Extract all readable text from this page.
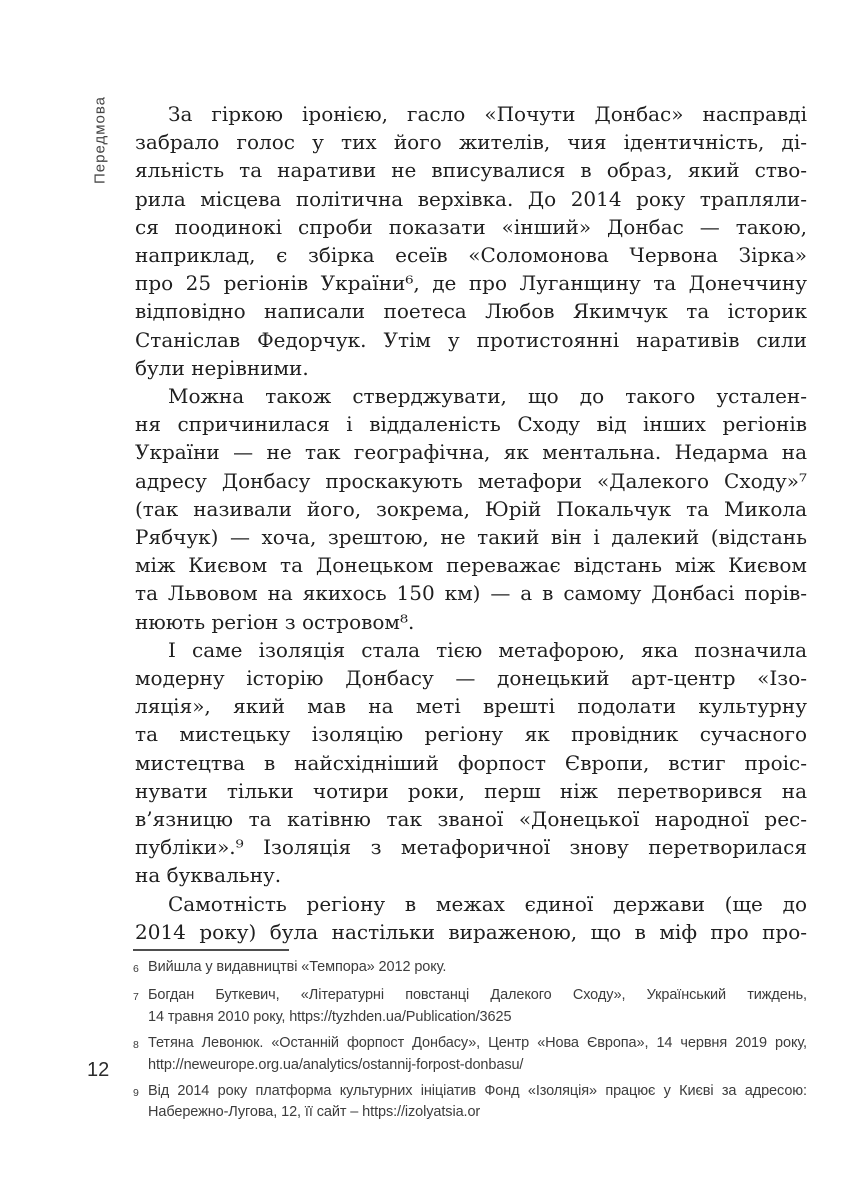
Передмова	За гіркою іронією, гасло «Почути Донбас» насправді
забрало голос у тих його жителів, чия ідентичність, ді-
яльність та наративи не вписувалися в образ, який ство-
рила місцева політична верхівка. До 2014 року трапляли-
ся поодинокі спроби показати «інший» Донбас — такою,
наприклад, є збірка есеїв «Соломонова Червона Зірка»
про 25 регіонів України⁶, де про Луганщину та Донеччину
відповідно написали поетеса Любов Якимчук та історик
Станіслав Федорчук. Утім у протистоянні наративів сили
були нерівними.
Можна також стверджувати, що до такого устален-
ня спричинилася і віддаленість Сходу від інших регіонів
України — не так географічна, як ментальна. Недарма на
адресу Донбасу проскакують метафори «Далекого Сходу»⁷
(так називали його, зокрема, Юрій Покальчук та Микола
Рябчук) — хоча, зрештою, не такий він і далекий (відстань
між Києвом та Донецьком переважає відстань між Києвом
та Львовом на якихось 150 км) — а в самому Донбасі порів-
нюють регіон з островом⁸.
І саме ізоляція стала тією метафорою, яка позначила
модерну історію Донбасу — донецький арт-центр «Ізо-
ляція», який мав на меті врешті подолати культурну
та мистецьку ізоляцію регіону як провідник сучасного
мистецтва в найсхідніший форпост Європи, встиг проіс-
нувати тільки чотири роки, перш ніж перетворився на
в’язницю та катівню так званої «Донецької народної рес-
публіки».⁹ Ізоляція з метафоричної знову перетворилася
на буквальну.
Самотність регіону в межах єдиної держави (ще до
2014 року) була настільки вираженою, що в міф про про-
6 Вийшла у видавництві «Темпора» 2012 року.
7 Богдан Буткевич, «Літературні повстанці Далекого Сходу», Український тиждень,
14 травня 2010 року, https://tyzhden.ua/Publication/3625
8 Тетяна Левонюк. «Останній форпост Донбасу», Центр «Нова Європа», 14 червня 2019 року,
http://neweurope.org.ua/analytics/ostannij-forpost-donbasu/
9 Від 2014 року платформа культурних ініціатив Фонд «Ізоляція» працює у Києві за адресою:
Набережно-Лугова, 12, її сайт – https://izolyatsia.or
12
